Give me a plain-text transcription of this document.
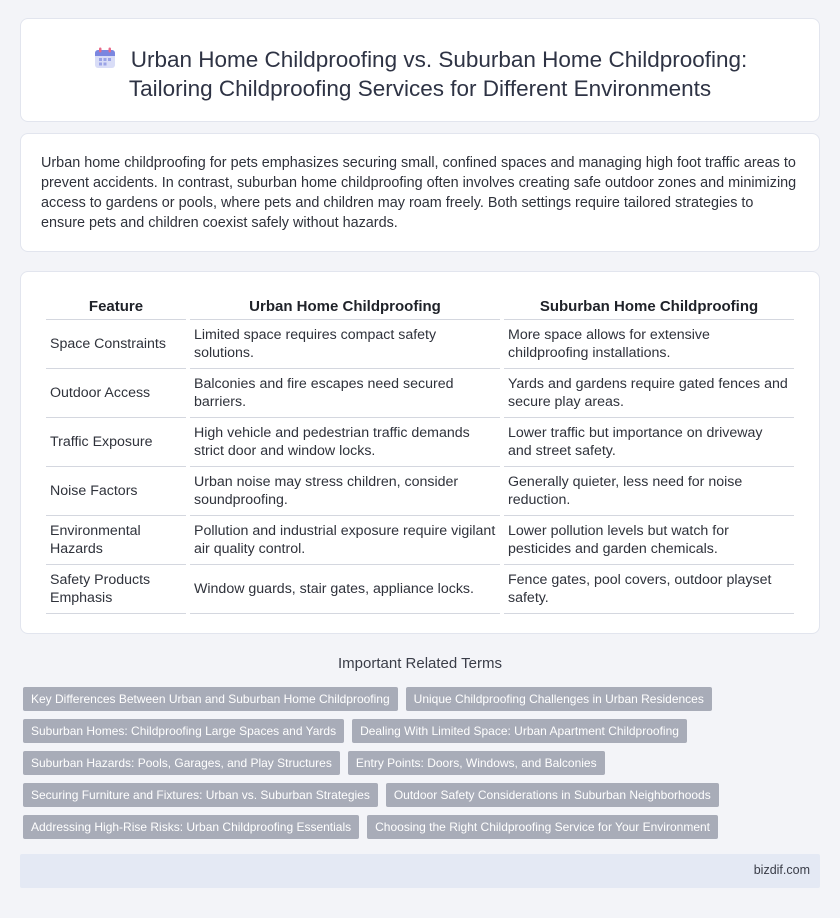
Urban Home Childproofing vs. Suburban Home Childproofing:
Tailoring Childproofing Services for Different Environments

Urban home childproofing for pets emphasizes securing small, confined spaces and managing high foot traffic areas to prevent accidents. In contrast, suburban home childproofing often involves creating safe outdoor zones and minimizing access to gardens or pools, where pets and children may roam freely. Both settings require tailored strategies to ensure pets and children coexist safely without hazards.

Feature	Urban Home Childproofing	Suburban Home Childproofing
Space Constraints	Limited space requires compact safety solutions.	More space allows for extensive childproofing installations.
Outdoor Access	Balconies and fire escapes need secured barriers.	Yards and gardens require gated fences and secure play areas.
Traffic Exposure	High vehicle and pedestrian traffic demands strict door and window locks.	Lower traffic but importance on driveway and street safety.
Noise Factors	Urban noise may stress children, consider soundproofing.	Generally quieter, less need for noise reduction.
Environmental Hazards	Pollution and industrial exposure require vigilant air quality control.	Lower pollution levels but watch for pesticides and garden chemicals.
Safety Products Emphasis	Window guards, stair gates, appliance locks.	Fence gates, pool covers, outdoor playset safety.
Important Related Terms
Key Differences Between Urban and Suburban Home Childproofing	Unique Childproofing Challenges in Urban Residences
Suburban Homes: Childproofing Large Spaces and Yards	Dealing With Limited Space: Urban Apartment Childproofing
Suburban Hazards: Pools, Garages, and Play Structures	Entry Points: Doors, Windows, and Balconies
Securing Furniture and Fixtures: Urban vs. Suburban Strategies	Outdoor Safety Considerations in Suburban Neighborhoods
Addressing High-Rise Risks: Urban Childproofing Essentials	Choosing the Right Childproofing Service for Your Environment
bizdif.com
